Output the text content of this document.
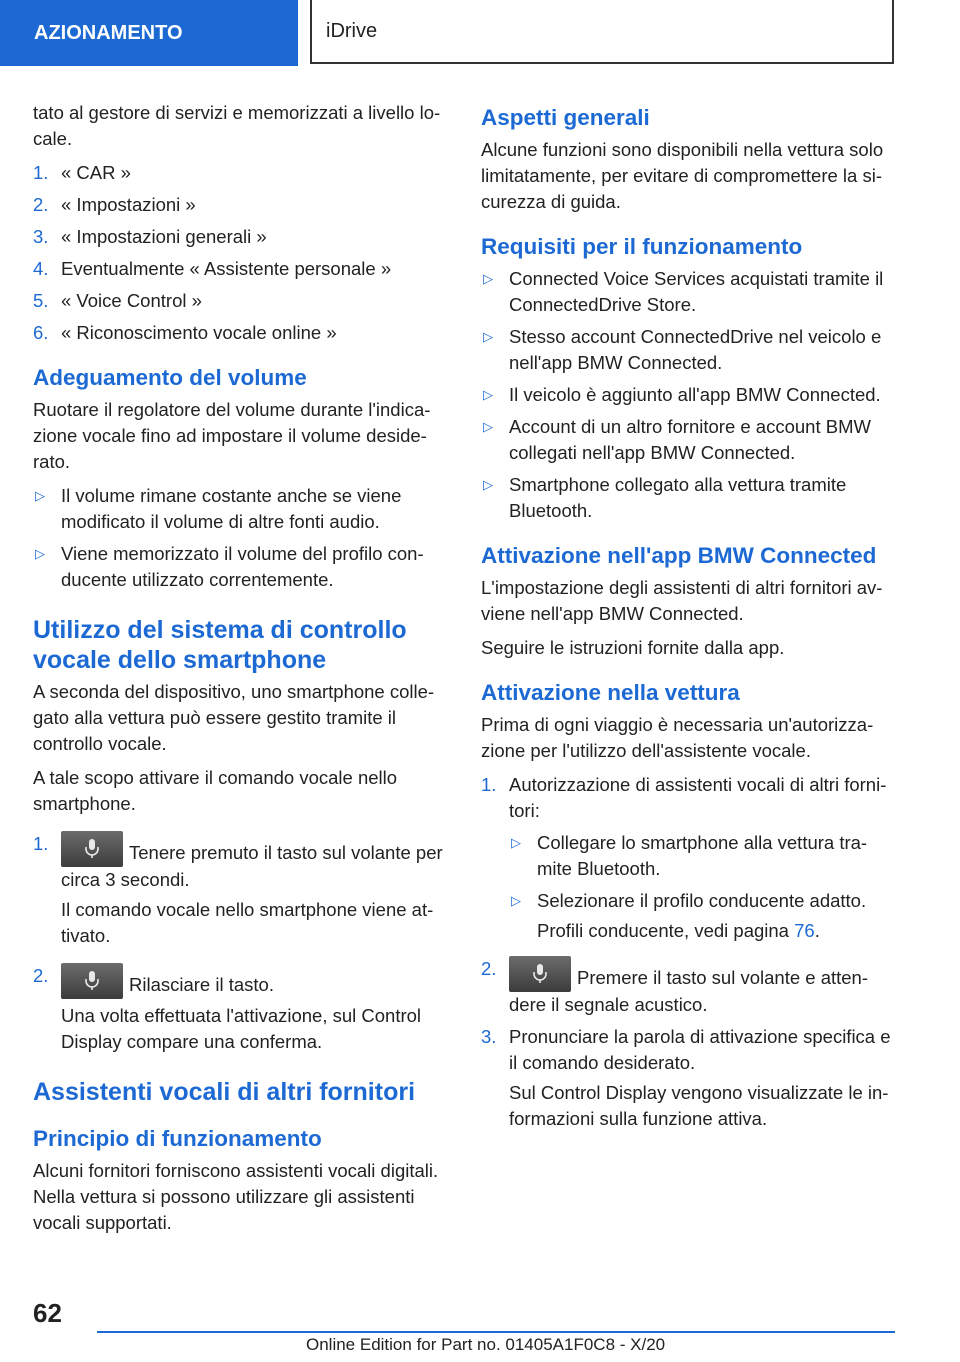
AZIONAMENTO	iDrive

tato al gestore di servizi e memorizzati a livello lo-cale.

1. « CAR »
2. « Impostazioni »
3. « Impostazioni generali »
4. Eventualmente « Assistente personale »
5. « Voice Control »
6. « Riconoscimento vocale online »
Adeguamento del volume

Ruotare il regolatore del volume durante l'indica-zione vocale fino ad impostare il volume deside-rato.

▷ Il volume rimane costante anche se viene modificato il volume di altre fonti audio.
▷ Viene memorizzato il volume del profilo con-ducente utilizzato correntemente.
Utilizzo del sistema di controllo vocale dello smartphone

A seconda del dispositivo, uno smartphone colle-gato alla vettura può essere gestito tramite il controllo vocale.

A tale scopo attivare il comando vocale nello smartphone.

1.	Tenere premuto il tasto sul volante per circa 3 secondi.

Il comando vocale nello smartphone viene at-tivato.

2.	Rilasciare il tasto.

Una volta effettuata l'attivazione, sul Control Display compare una conferma.

Assistenti vocali di altri fornitori
Principio di funzionamento

Alcuni fornitori forniscono assistenti vocali digitali. Nella vettura si possono utilizzare gli assistenti vocali supportati.

Aspetti generali

Alcune funzioni sono disponibili nella vettura solo limitatamente, per evitare di compromettere la si-curezza di guida.

Requisiti per il funzionamento
▷ Connected Voice Services acquistati tramite il ConnectedDrive Store.
▷ Stesso account ConnectedDrive nel veicolo e nell'app BMW Connected.
▷ Il veicolo è aggiunto all'app BMW Connected.
▷ Account di un altro fornitore e account BMW collegati nell'app BMW Connected.
▷ Smartphone collegato alla vettura tramite Bluetooth.
Attivazione nell'app BMW Connected

L'impostazione degli assistenti di altri fornitori av-viene nell'app BMW Connected.

Seguire le istruzioni fornite dalla app.

Attivazione nella vettura

Prima di ogni viaggio è necessaria un'autorizza-zione per l'utilizzo dell'assistente vocale.

1. Autorizzazione di assistenti vocali di altri forni-tori:
▷ Collegare lo smartphone alla vettura tra-mite Bluetooth.
▷ Selezionare il profilo conducente adatto.

Profili conducente, vedi pagina 76.

2.	Premere il tasto sul volante e atten-dere il segnale acustico.
3. Pronunciare la parola di attivazione specifica e il comando desiderato.

Sul Control Display vengono visualizzate le in-formazioni sulla funzione attiva.

62
Online Edition for Part no. 01405A1F0C8 - X/20
